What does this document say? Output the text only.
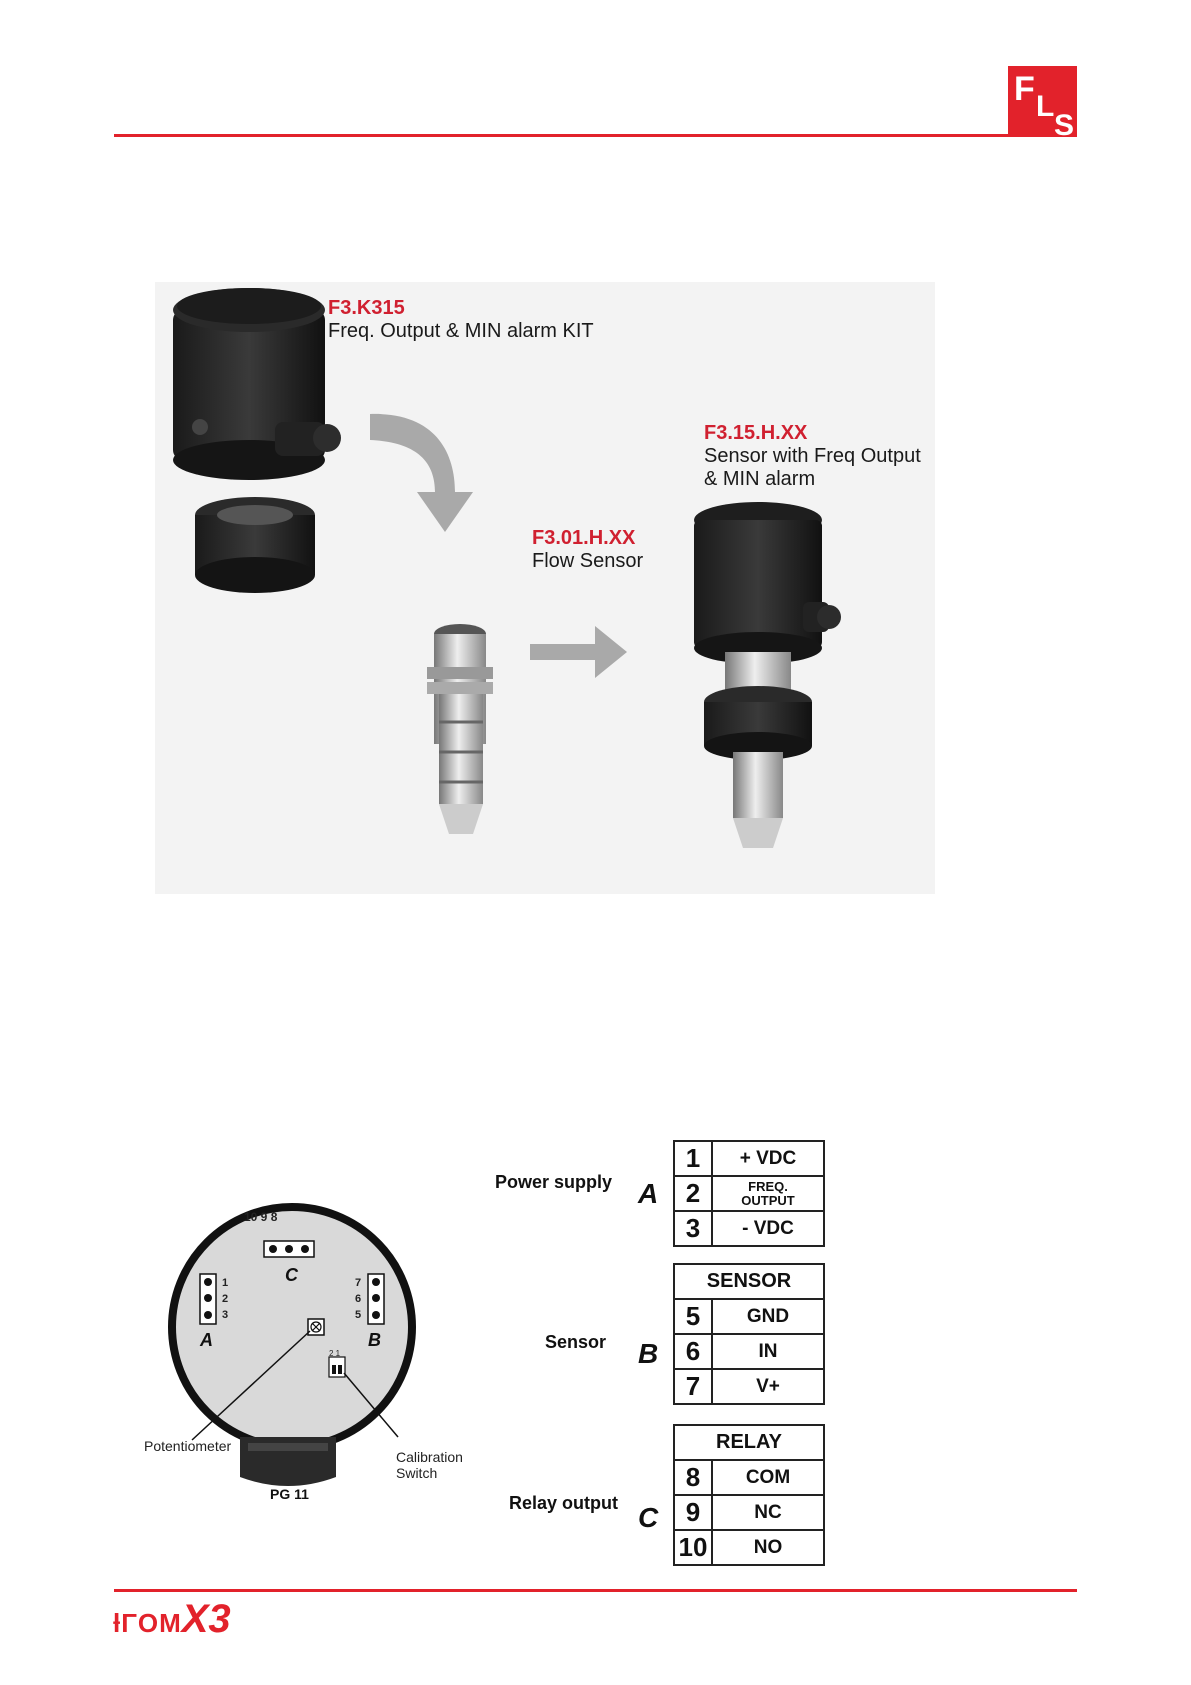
F L
S
F3.K315
Freq. Output & MIN alarm KIT
F3.01.H.XX
Flow Sensor
F3.15.H.XX
Sensor with Freq Output
& MIN alarm
10 9 8
C
1
2
3
A
7
6
5
B
2 1
Potentiometer
Calibration
Switch
PG 11
Power supply A
1	+ VDC
2	FREQ.
OUTPUT

3	- VDC
Sensor B
SENSOR	
5	GND
6	IN
7	V+
Relay output C
RELAY	
8	COM
9	NC
10	NO
ƚΓOMX3
